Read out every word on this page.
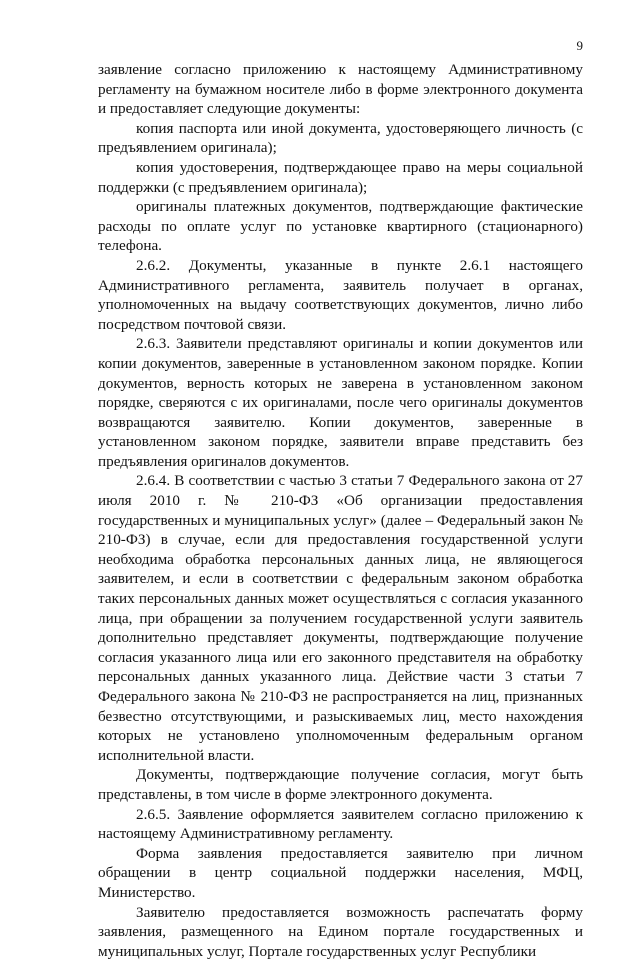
9

заявление согласно приложению к настоящему Административному регламенту на бумажном носителе либо в форме электронного документа и предоставляет следующие документы:

копия паспорта или иной документа, удостоверяющего личность (с предъявлением оригинала);

копия удостоверения, подтверждающее право на меры социальной поддержки (с предъявлением оригинала);

оригиналы платежных документов, подтверждающие фактические расходы по оплате услуг по установке квартирного (стационарного) телефона.

2.6.2. Документы, указанные в пункте 2.6.1 настоящего Административного регламента, заявитель получает в органах, уполномоченных на выдачу соответствующих документов, лично либо посредством почтовой связи.

2.6.3. Заявители представляют оригиналы и копии документов или копии документов, заверенные в установленном законом порядке. Копии документов, верность которых не заверена в установленном законом порядке, сверяются с их оригиналами, после чего оригиналы документов возвращаются заявителю. Копии документов, заверенные в установленном законом порядке, заявители вправе представить без предъявления оригиналов документов.

2.6.4. В соответствии с частью 3 статьи 7 Федерального закона от 27 июля 2010 г. № 210-ФЗ «Об организации предоставления государственных и муниципальных услуг» (далее – Федеральный закон № 210-ФЗ) в случае, если для предоставления государственной услуги необходима обработка персональных данных лица, не являющегося заявителем, и если в соответствии с федеральным законом обработка таких персональных данных может осуществляться с согласия указанного лица, при обращении за получением государственной услуги заявитель дополнительно представляет документы, подтверждающие получение согласия указанного лица или его законного представителя на обработку персональных данных указанного лица. Действие части 3 статьи 7 Федерального закона № 210-ФЗ не распространяется на лиц, признанных безвестно отсутствующими, и разыскиваемых лиц, место нахождения которых не установлено уполномоченным федеральным органом исполнительной власти.

Документы, подтверждающие получение согласия, могут быть представлены, в том числе в форме электронного документа.

2.6.5. Заявление оформляется заявителем согласно приложению к настоящему Административному регламенту.

Форма заявления предоставляется заявителю при личном обращении в центр социальной поддержки населения, МФЦ, Министерство.

Заявителю предоставляется возможность распечатать форму заявления, размещенного на Едином портале государственных и муниципальных услуг, Портале государственных услуг Республики
